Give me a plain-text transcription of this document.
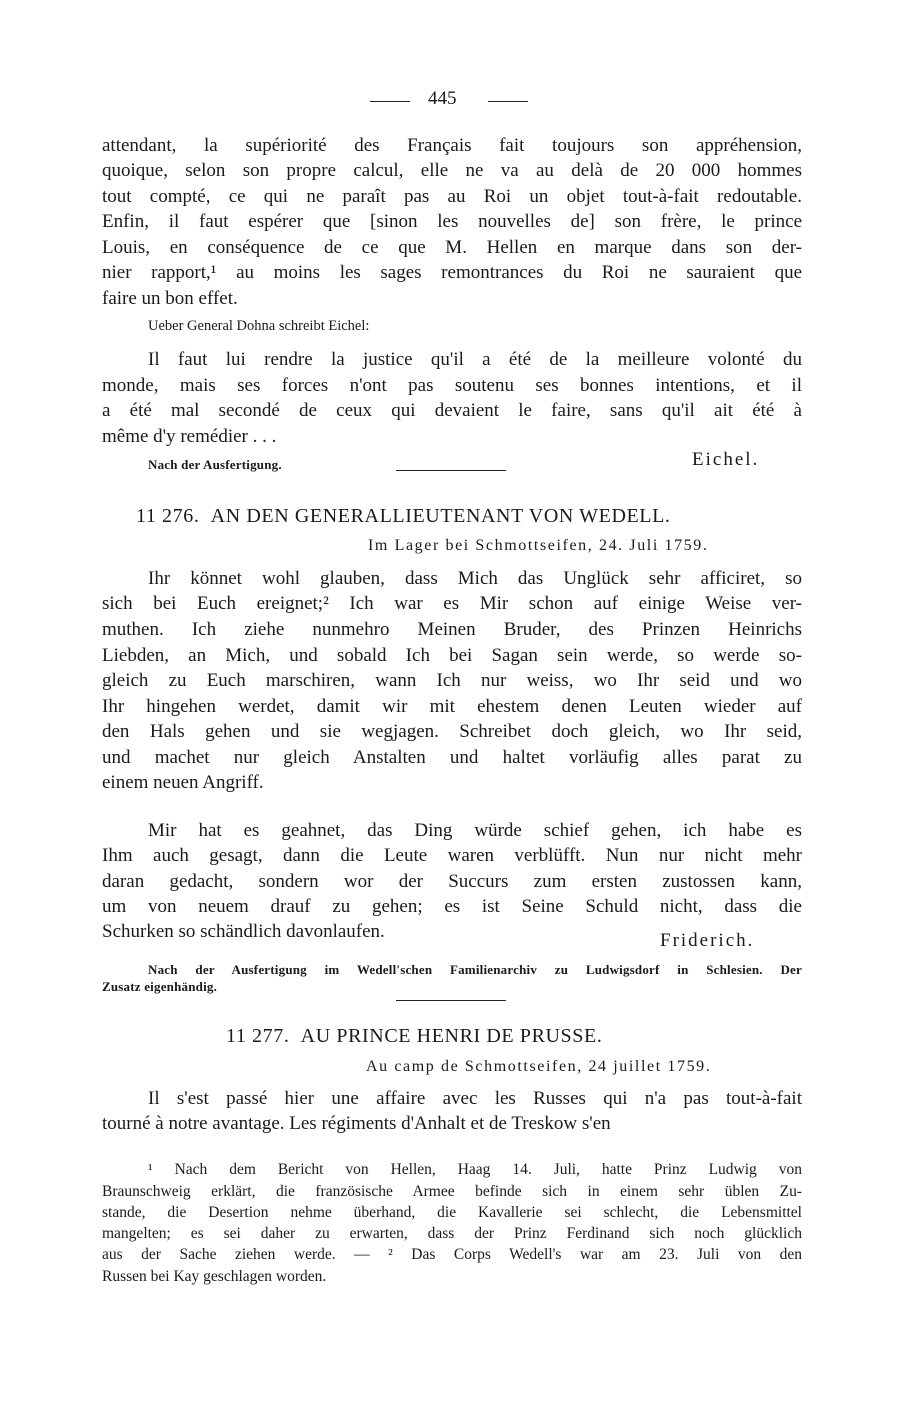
445
attendant, la supériorité des Français fait toujours son appréhension,
quoique, selon son propre calcul, elle ne va au delà de 20 000 hommes
tout compté, ce qui ne paraît pas au Roi un objet tout-à-fait redoutable.
Enfin, il faut espérer que [sinon les nouvelles de] son frère, le prince
Louis, en conséquence de ce que M. Hellen en marque dans son der-
nier rapport,¹ au moins les sages remontrances du Roi ne sauraient que
faire un bon effet.
Ueber General Dohna schreibt Eichel:
Il faut lui rendre la justice qu'il a été de la meilleure volonté du
monde, mais ses forces n'ont pas soutenu ses bonnes intentions, et il
a été mal secondé de ceux qui devaient le faire, sans qu'il ait été à
même d'y remédier . . .
Nach der Ausfertigung.	Eichel.
11 276. AN DEN GENERALLIEUTENANT VON WEDELL.
Im Lager bei Schmottseifen, 24. Juli 1759.
Ihr könnet wohl glauben, dass Mich das Unglück sehr afficiret, so
sich bei Euch ereignet;² Ich war es Mir schon auf einige Weise ver-
muthen. Ich ziehe nunmehro Meinen Bruder, des Prinzen Heinrichs
Liebden, an Mich, und sobald Ich bei Sagan sein werde, so werde so-
gleich zu Euch marschiren, wann Ich nur weiss, wo Ihr seid und wo
Ihr hingehen werdet, damit wir mit ehestem denen Leuten wieder auf
den Hals gehen und sie wegjagen. Schreibet doch gleich, wo Ihr seid,
und machet nur gleich Anstalten und haltet vorläufig alles parat zu
einem neuen Angriff.
Mir hat es geahnet, das Ding würde schief gehen, ich habe es
Ihm auch gesagt, dann die Leute waren verblüfft. Nun nur nicht mehr
daran gedacht, sondern wor der Succurs zum ersten zustossen kann,
um von neuem drauf zu gehen; es ist Seine Schuld nicht, dass die
Schurken so schändlich davonlaufen.	Friderich.
Nach der Ausfertigung im Wedell'schen Familienarchiv zu Ludwigsdorf in Schlesien. Der
Zusatz eigenhändig.
11 277. AU PRINCE HENRI DE PRUSSE.
Au camp de Schmottseifen, 24 juillet 1759.
Il s'est passé hier une affaire avec les Russes qui n'a pas tout-à-fait
tourné à notre avantage. Les régiments d'Anhalt et de Treskow s'en
¹ Nach dem Bericht von Hellen, Haag 14. Juli, hatte Prinz Ludwig von
Braunschweig erklärt, die französische Armee befinde sich in einem sehr üblen Zu-
stande, die Desertion nehme überhand, die Kavallerie sei schlecht, die Lebensmittel
mangelten; es sei daher zu erwarten, dass der Prinz Ferdinand sich noch glücklich
aus der Sache ziehen werde. — ² Das Corps Wedell's war am 23. Juli von den
Russen bei Kay geschlagen worden.
